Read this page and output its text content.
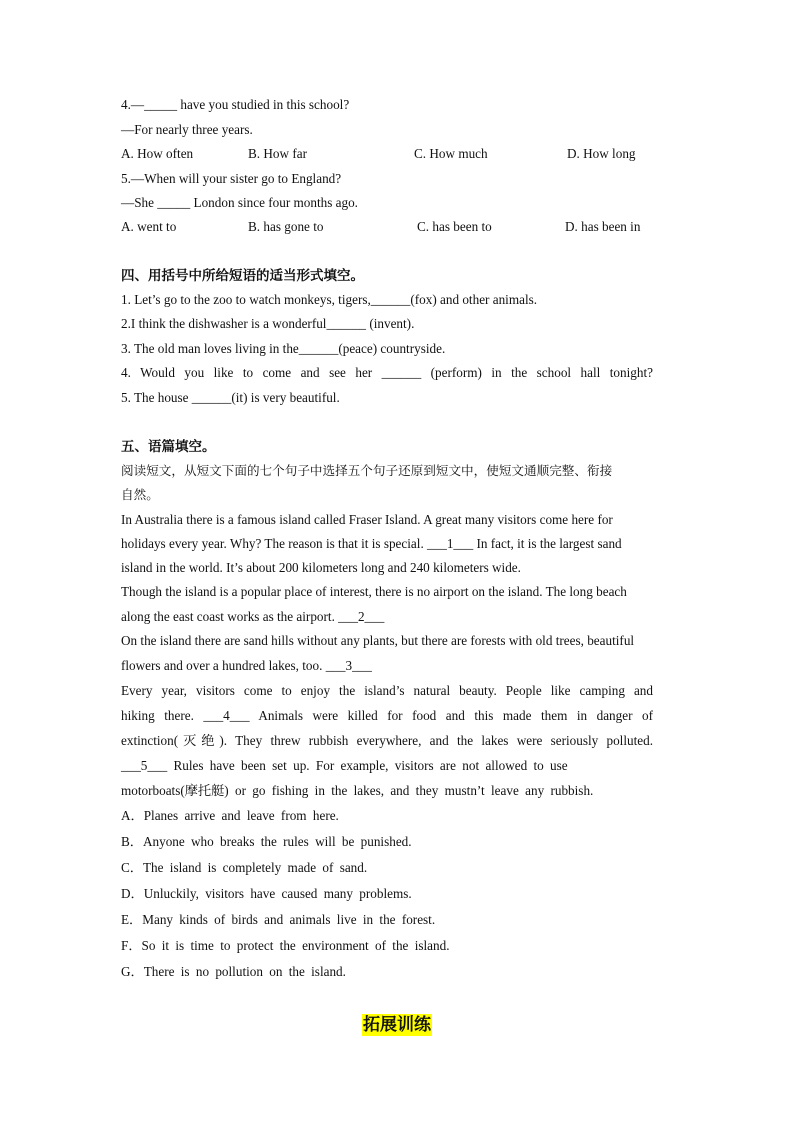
4.—_____ have you studied in this school?
—For nearly three years.
A. How often	B. How far	C. How much	D. How long
5.—When will your sister go to England?
—She _____ London since four months ago.
A. went to	B. has gone to	C. has been to	D. has been in
四、用括号中所给短语的适当形式填空。
1. Let’s go to the zoo to watch monkeys, tigers,______(fox) and other animals.
2.I think the dishwasher is a wonderful______ (invent).
3. The old man loves living in the______(peace) countryside.
4. Would you like to come and see her ______ (perform) in the school hall tonight?
5. The house ______(it) is very beautiful.
五、语篇填空。
阅读短文，从短文下面的七个句子中选择五个句子还原到短文中，使短文通顺完整、衔接
自然。
In Australia there is a famous island called Fraser Island. A great many visitors come here for
holidays every year. Why? The reason is that it is special. ___1___ In fact, it is the largest sand
island in the world. It’s about 200 kilometers long and 240 kilometers wide.
Though the island is a popular place of interest, there is no airport on the island. The long beach
along the east coast works as the airport. ___2___
On the island there are sand hills without any plants, but there are forests with old trees, beautiful
flowers and over a hundred lakes, too. ___3___
Every year, visitors come to enjoy the island’s natural beauty. People like camping and
hiking there. ___4___ Animals were killed for food and this made them in danger of
extinction(灭绝). They threw rubbish everywhere, and the lakes were seriously polluted.
___5___ Rules have been set up. For example, visitors are not allowed to use
motorboats(摩托艇) or go fishing in the lakes, and they mustn’t leave any rubbish.
A．Planes arrive and leave from here.
B．Anyone who breaks the rules will be punished.
C．The island is completely made of sand.
D．Unluckily, visitors have caused many problems.
E．Many kinds of birds and animals live in the forest.
F．So it is time to protect the environment of the island.
G．There is no pollution on the island.
拓展训练
